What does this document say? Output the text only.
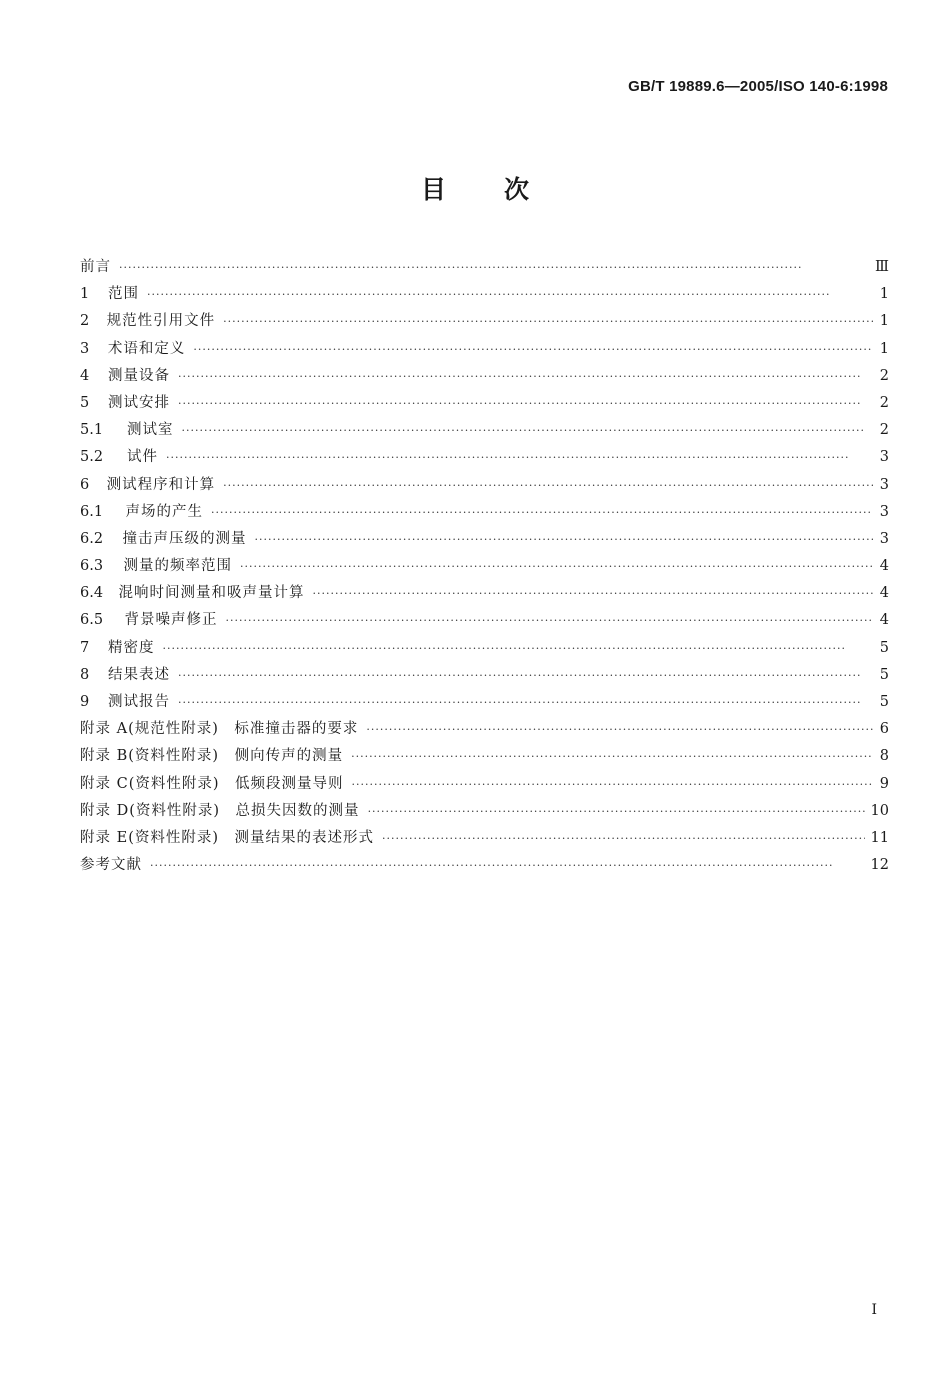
GB/T 19889.6—2005/ISO 140-6:1998
目次
前言 ·····	Ⅲ
1	范围 ·····	1
2	规范性引用文件 ·····	1
3	术语和定义 ·····	1
4	测量设备 ·····	2
5	测试安排 ·····	2
5.1	测试室 ·····	2
5.2	试件 ·····	3
6	测试程序和计算 ·····	3
6.1	声场的产生 ·····	3
6.2	撞击声压级的测量 ·····	3
6.3	测量的频率范围 ·····	4
6.4	混响时间测量和吸声量计算 ·····	4
6.5	背景噪声修正 ·····	4
7	精密度 ·····	5
8	结果表述 ·····	5
9	测试报告 ·····	5
附录 A(规范性附录)　标准撞击器的要求 ·····	6
附录 B(资料性附录)　侧向传声的测量 ·····	8
附录 C(资料性附录)　低频段测量导则 ·····	9
附录 D(资料性附录)　总损失因数的测量 ·····	10
附录 E(资料性附录)　测量结果的表述形式 ·····	11
参考文献 ·····	12
I
